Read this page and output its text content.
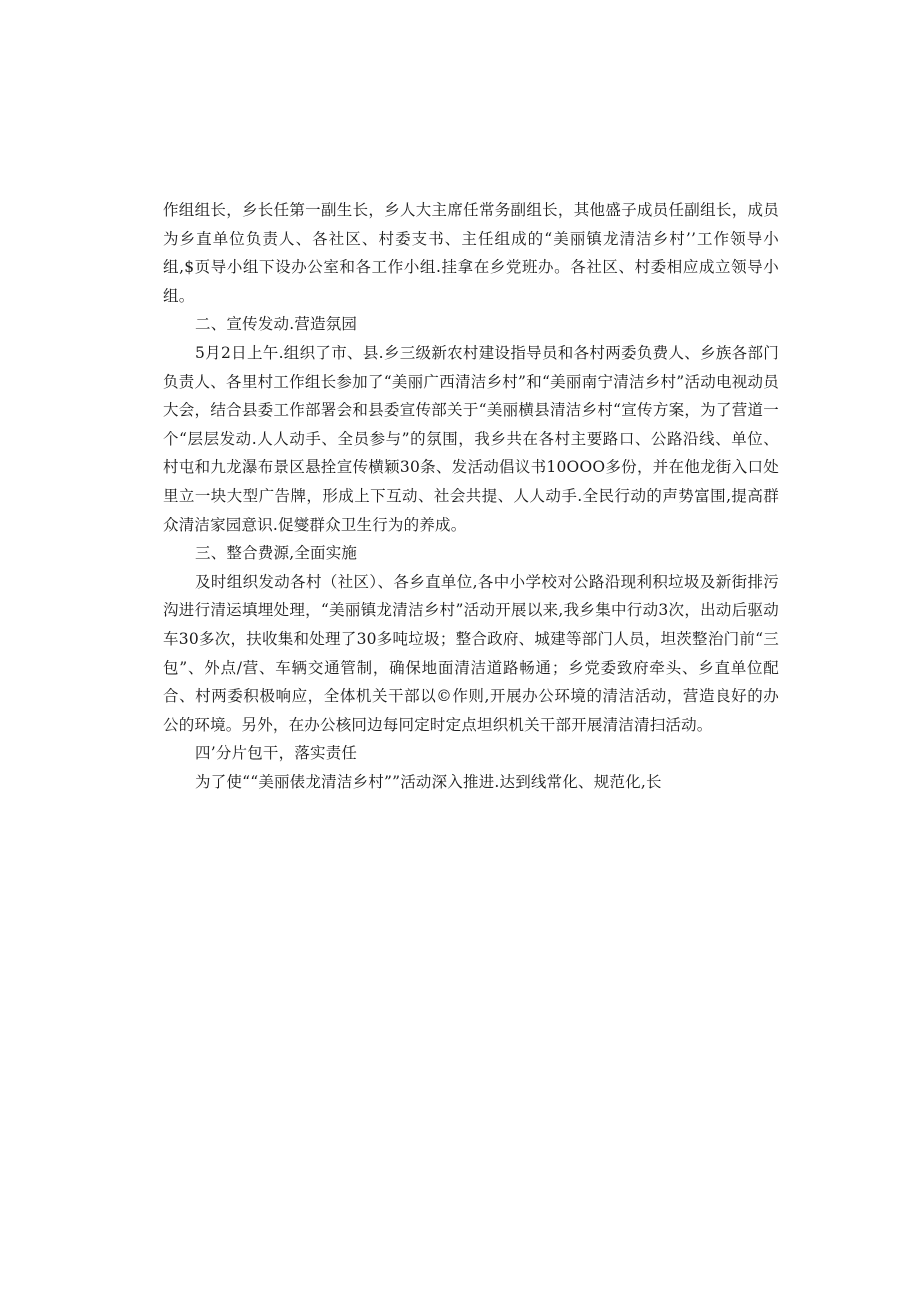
作组组长，乡长任第一副生长，乡人大主席任常务副组长，其他盛子成员任副组长，成员为乡直单位负责人、各社区、村委支书、主任组成的“美丽镇龙清洁乡村’’工作领导小组,$页导小组下设办公室和各工作小组.挂拿在乡党班办。各社区、村委相应成立领导小组。

二、宣传发动.营造氛园

5月2日上午.组织了市、县.乡三级新农村建设指导员和各村两委负费人、乡族各部门负责人、各里村工作组长参加了“美丽广西清洁乡村”和“美丽南宁清洁乡村”活动电视动员大会，结合县委工作部署会和县委宣传部关于“美丽横县清洁乡村“宣传方案，为了营道一个“层层发动.人人动手、全员参与”的氛围，我乡共在各村主要路口、公路沿线、单位、村屯和九龙瀑布景区悬拴宣传横颖30条、发活动倡议书10OOO多份，并在他龙街入口处里立一块大型广告牌，形成上下互动、社会共提、人人动手.全民行动的声势富围,提高群众清洁家园意识.促燮群众卫生行为的养成。

三、整合费源,全面实施

及时组织发动各村（社区）、各乡直单位,各中小学校对公路沿现利积垃圾及新街排污沟进行清运填埋处理，“美丽镇龙清洁乡村”活动开展以来,我乡集中行动3次，出动后驱动车30多次，扶收集和处理了30多吨垃圾；整合政府、城建等部门人员，坦茨整治门前“三包”、外点/营、车辆交通管制，确保地面清洁道路畅通；乡党委致府牵头、乡直单位配合、村两委积极响应，全体机关干部以©作则,开展办公环境的清洁活动，营造良好的办公的环境。另外，在办公核冋边每冋定时定点坦织机关干部开展清洁清扫活动。

四’分片包干，落实责任

为了使““美丽俵龙清洁乡村””活动深入推进.达到线常化、规范化,长
